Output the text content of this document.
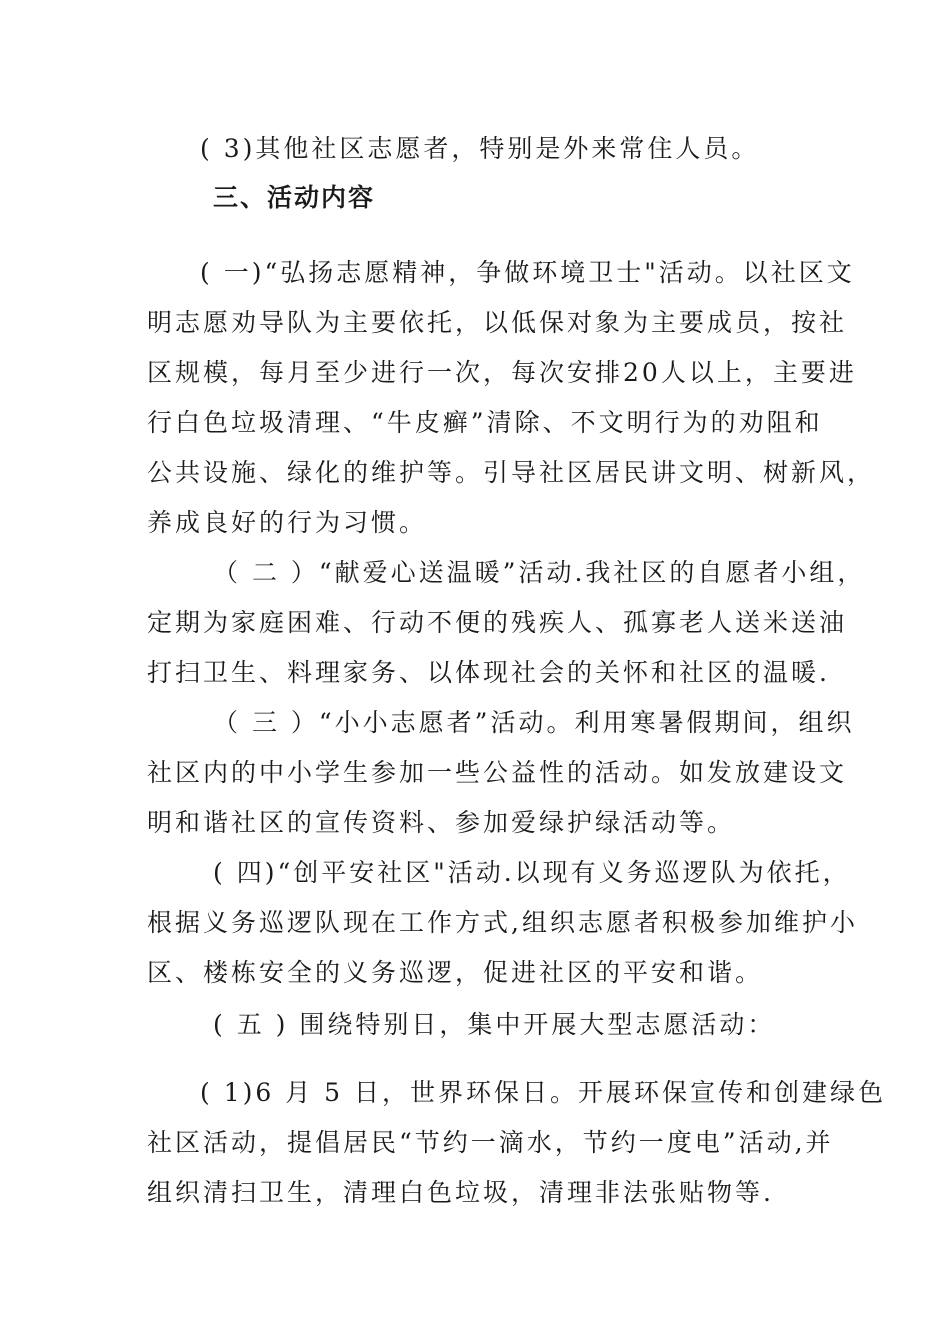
( 3)其他社区志愿者，特别是外来常住人员。
三、活动内容
( 一)“弘扬志愿精神，争做环境卫士"活动。以社区文
明志愿劝导队为主要依托，以低保对象为主要成员，按社
区规模，每月至少进行一次，每次安排20人以上，主要进
行白色垃圾清理、“牛皮癣”清除、不文明行为的劝阻和
公共设施、绿化的维护等。引导社区居民讲文明、树新风，
养成良好的行为习惯。
（ 二 ）“献爱心送温暖”活动.我社区的自愿者小组，
定期为家庭困难、行动不便的残疾人、孤寡老人送米送油
打扫卫生、料理家务、以体现社会的关怀和社区的温暖.
（ 三 ）“小小志愿者”活动。利用寒暑假期间，组织
社区内的中小学生参加一些公益性的活动。如发放建设文
明和谐社区的宣传资料、参加爱绿护绿活动等。
( 四)“创平安社区"活动.以现有义务巡逻队为依托，
根据义务巡逻队现在工作方式,组织志愿者积极参加维护小
区、楼栋安全的义务巡逻，促进社区的平安和谐。
( 五 ) 围绕特别日，集中开展大型志愿活动：
( 1)6 月 5 日，世界环保日。开展环保宣传和创建绿色
社区活动，提倡居民“节约一滴水，节约一度电”活动,并
组织清扫卫生，清理白色垃圾，清理非法张贴物等.
